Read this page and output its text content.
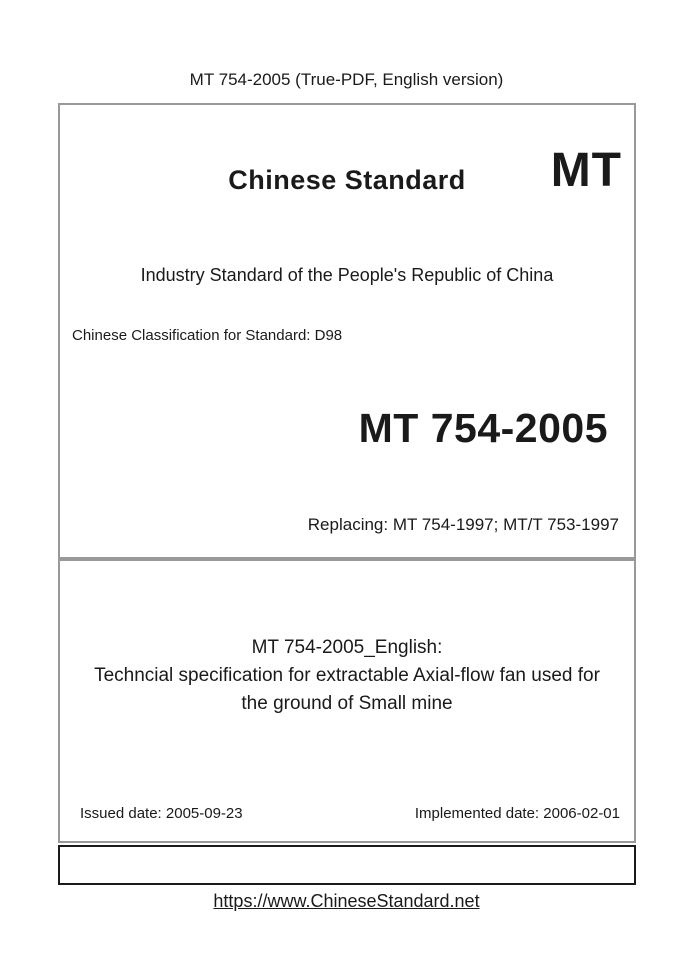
MT 754-2005 (True-PDF, English version)
Chinese Standard	MT
Industry Standard of the People's Republic of China
Chinese Classification for Standard: D98
MT 754-2005
Replacing: MT 754-1997; MT/T 753-1997
MT 754-2005_English:
Techncial specification for extractable Axial-flow fan used for
the ground of Small mine
Issued date: 2005-09-23	Implemented date: 2006-02-01
https://www.ChineseStandard.net
